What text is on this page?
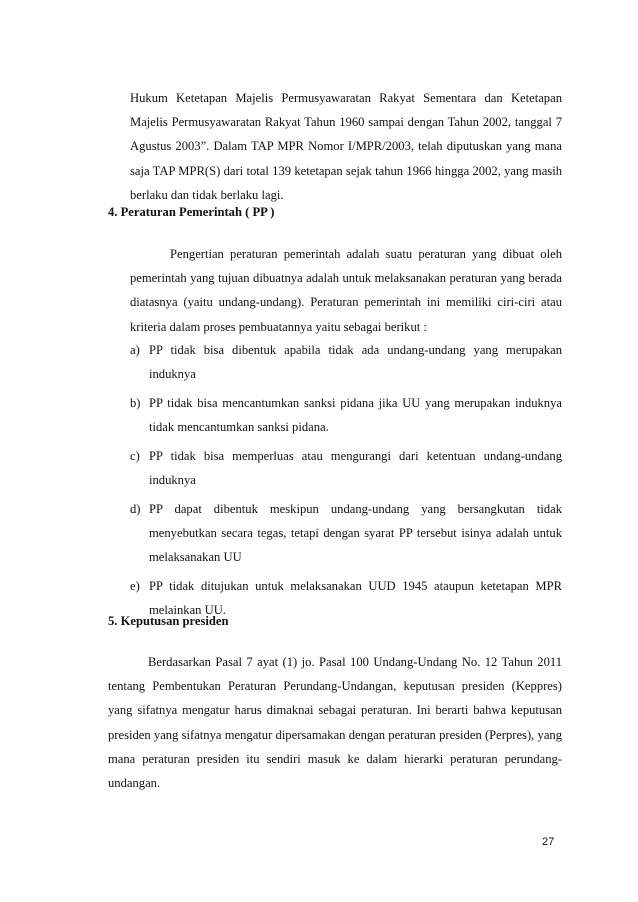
Hukum Ketetapan Majelis Permusyawaratan Rakyat Sementara dan Ketetapan Majelis Permusyawaratan Rakyat Tahun 1960 sampai dengan Tahun 2002, tanggal 7 Agustus 2003”. Dalam TAP MPR Nomor I/MPR/2003, telah diputuskan yang mana saja TAP MPR(S) dari total 139 ketetapan sejak tahun 1966 hingga 2002, yang masih berlaku dan tidak berlaku lagi.

4. Peraturan Pemerintah ( PP )

Pengertian peraturan pemerintah adalah suatu peraturan yang dibuat oleh pemerintah yang tujuan dibuatnya adalah untuk melaksanakan peraturan yang berada diatasnya (yaitu undang-undang). Peraturan pemerintah ini memiliki ciri-ciri atau kriteria dalam proses pembuatannya yaitu sebagai berikut :

a) PP tidak bisa dibentuk apabila tidak ada undang-undang yang merupakan induknya
b) PP tidak bisa mencantumkan sanksi pidana jika UU yang merupakan induknya tidak mencantumkan sanksi pidana.
c) PP tidak bisa memperluas atau mengurangi dari ketentuan undang-undang induknya
d) PP dapat dibentuk meskipun undang-undang yang bersangkutan tidak menyebutkan secara tegas, tetapi dengan syarat PP tersebut isinya adalah untuk melaksanakan UU
e) PP tidak ditujukan untuk melaksanakan UUD 1945 ataupun ketetapan MPR melainkan UU.

5. Keputusan presiden

Berdasarkan Pasal 7 ayat (1) jo. Pasal 100 Undang-Undang No. 12 Tahun 2011 tentang Pembentukan Peraturan Perundang-Undangan, keputusan presiden (Keppres) yang sifatnya mengatur harus dimaknai sebagai peraturan. Ini berarti bahwa keputusan presiden yang sifatnya mengatur dipersamakan dengan peraturan presiden (Perpres), yang mana peraturan presiden itu sendiri masuk ke dalam hierarki peraturan perundang-undangan.

27
